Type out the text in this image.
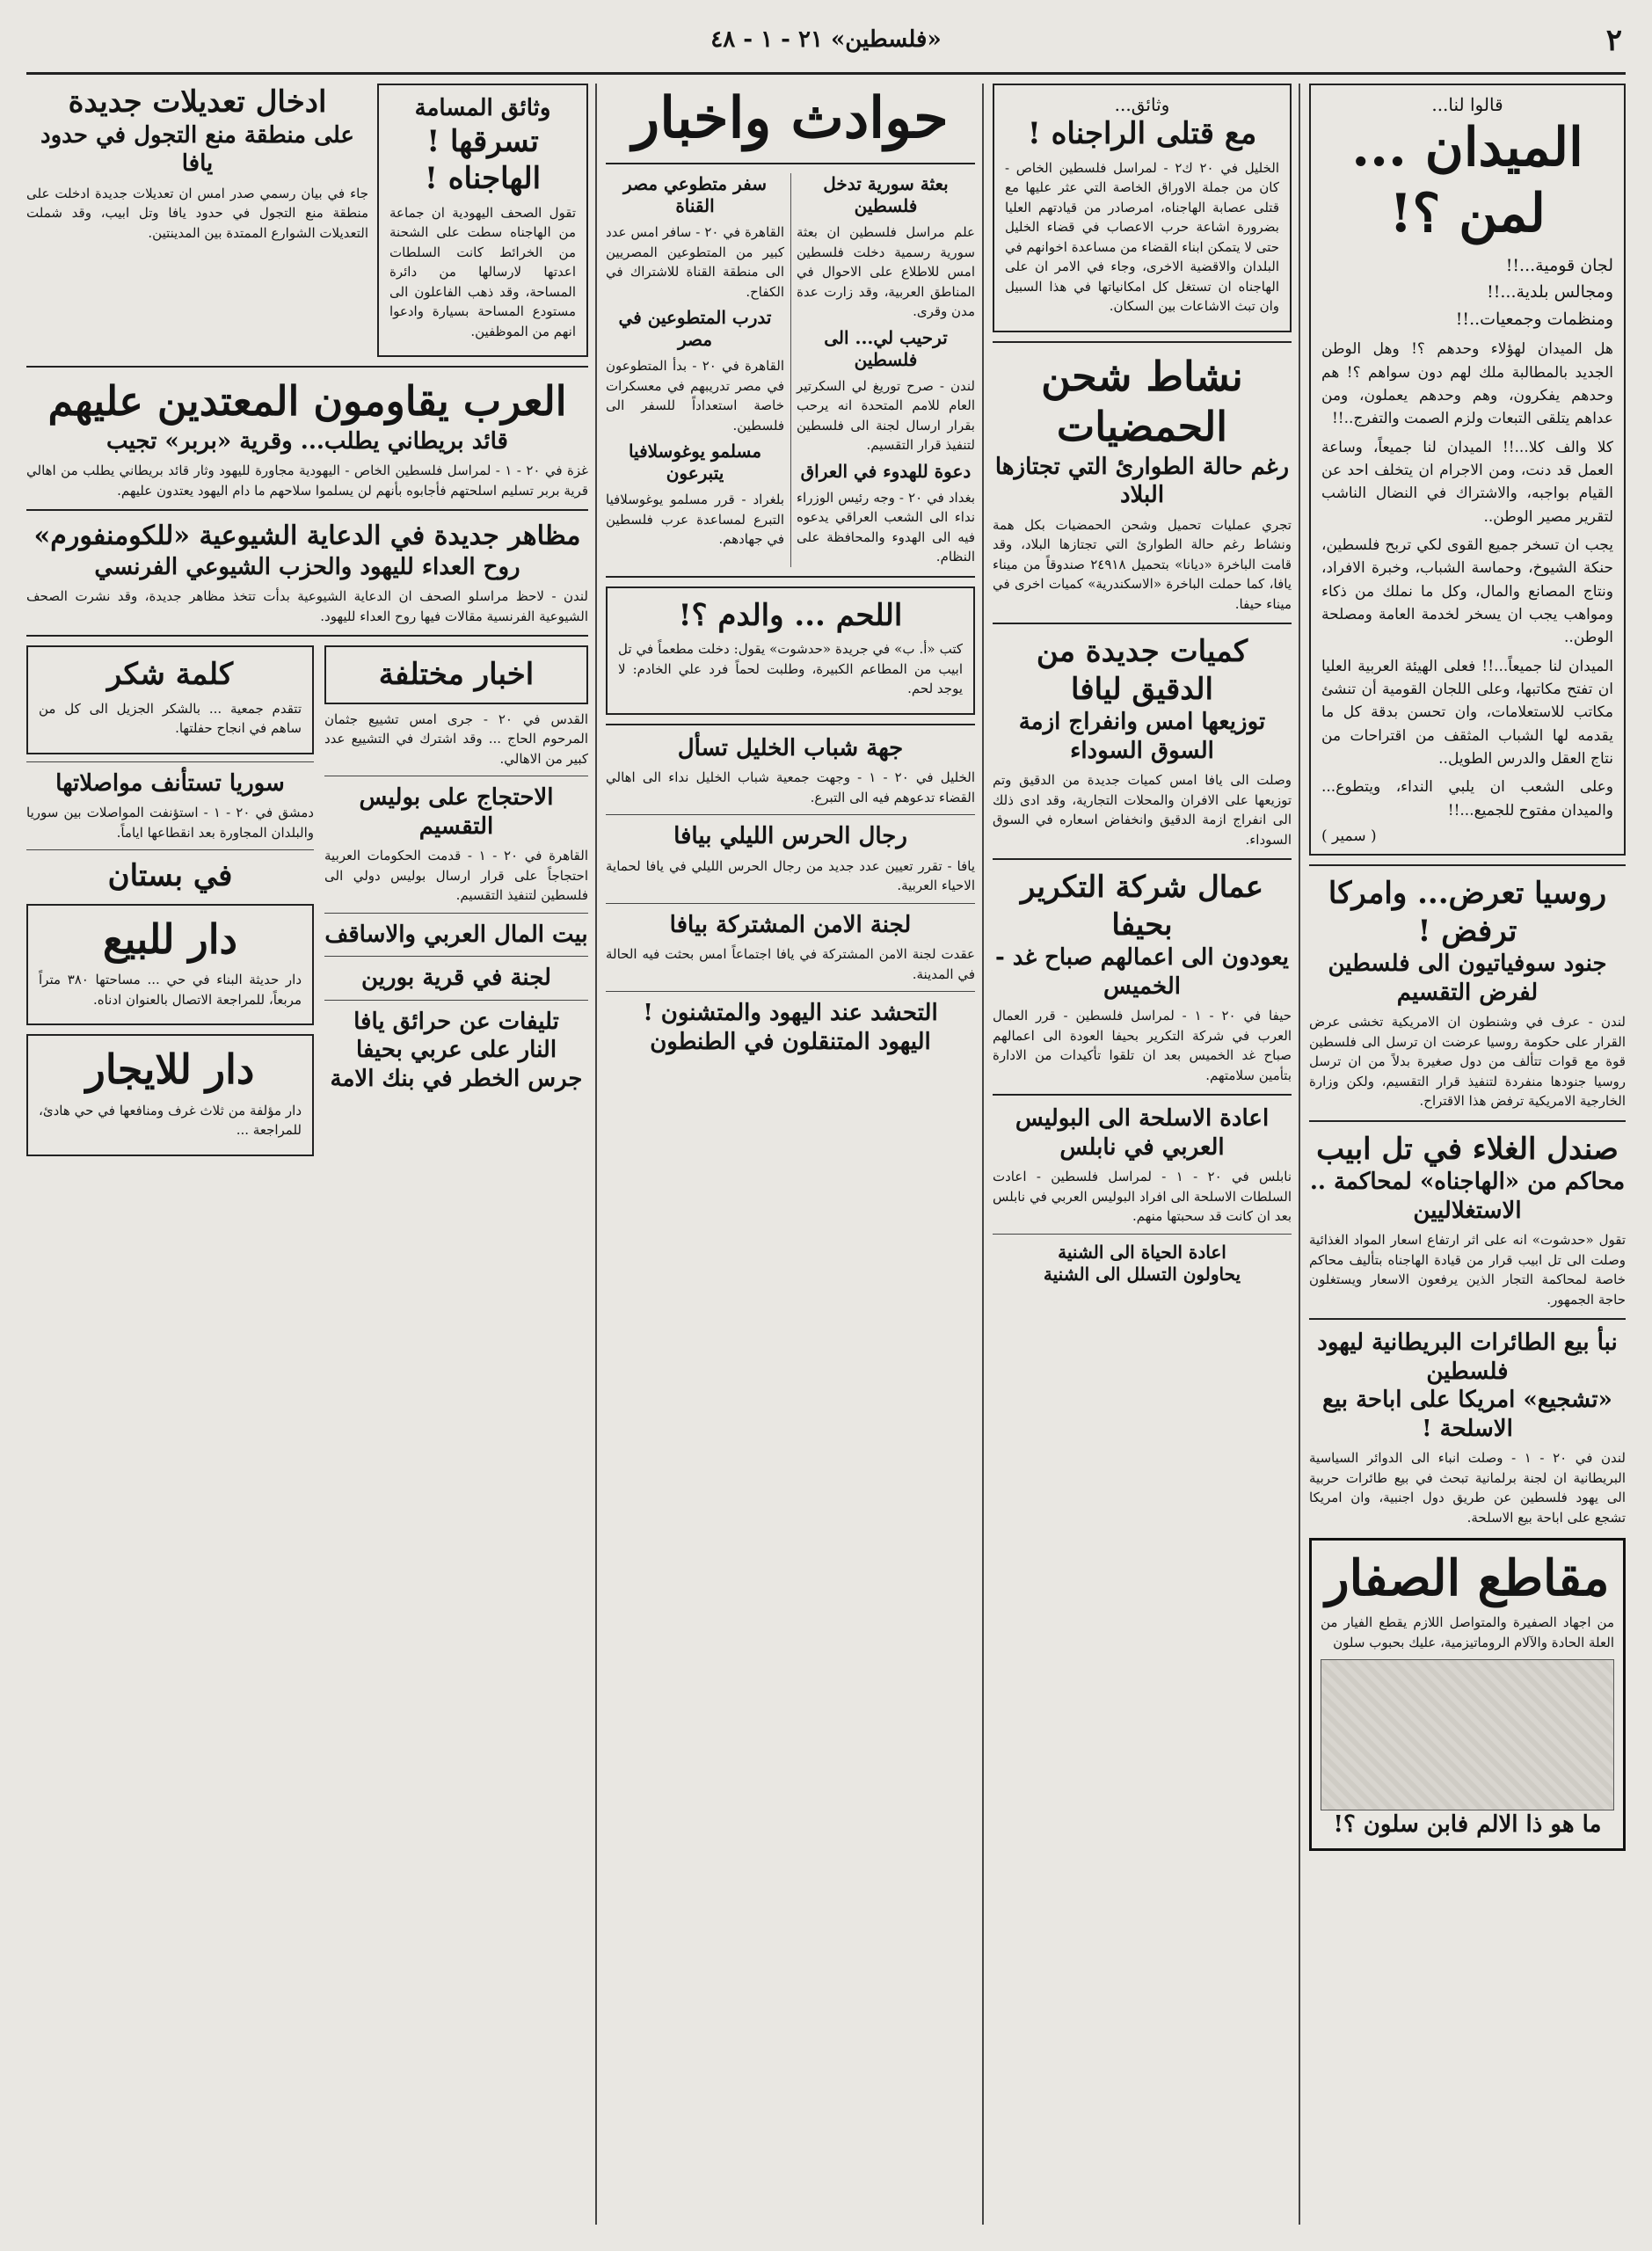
٢
«فلسطين» ٢١ - ١ - ٤٨
قالوا لنا...
الميدان ... لمن ؟!
لجان قومية...!!
ومجالس بلدية...!!
ومنظمات وجمعيات..!!

هل الميدان لهؤلاء وحدهم ؟! وهل الوطن الجديد بالمطالبة ملك لهم دون سواهم ؟! هم وحدهم يفكرون، وهم وحدهم يعملون، ومن عداهم يتلقى التبعات ولزم الصمت والتفرج..!!

كلا والف كلا...!! الميدان لنا جميعاً، وساعة العمل قد دنت، ومن الاجرام ان يتخلف احد عن القيام بواجبه، والاشتراك في النضال الناشب لتقرير مصير الوطن..

يجب ان تسخر جميع القوى لكي تربح فلسطين، حنكة الشيوخ، وحماسة الشباب، وخبرة الافراد، ونتاج المصانع والمال، وكل ما نملك من ذكاء ومواهب يجب ان يسخر لخدمة العامة ومصلحة الوطن..

الميدان لنا جميعاً...!! فعلى الهيئة العربية العليا ان تفتح مكاتبها، وعلى اللجان القومية أن تنشئ مكاتب للاستعلامات، وان تحسن بدقة كل ما يقدمه لها الشباب المثقف من اقتراحات من نتاج العقل والدرس الطويل..

وعلى الشعب ان يلبي النداء، ويتطوع... والميدان مفتوح للجميع...!!

( سمير )
روسيا تعرض... وامركا ترفض !
جنود سوفياتيون الى فلسطين لفرض التقسيم

لندن - عرف في وشنطون ان الامريكية تخشى عرض القرار على حكومة روسيا عرضت ان ترسل الى فلسطين قوة مع قوات تتألف من دول صغيرة بدلاً من ان ترسل روسيا جنودها منفردة لتنفيذ قرار التقسيم، ولكن وزارة الخارجية الامريكية ترفض هذا الاقتراح.

صندل الغلاء في تل ابيب
محاكم من «الهاجناه» لمحاكمة .. الاستغلاليين

تقول «حدشوت» انه على اثر ارتفاع اسعار المواد الغذائية وصلت الى تل ابيب قرار من قيادة الهاجناه بتأليف محاكم خاصة لمحاكمة التجار الذين يرفعون الاسعار ويستغلون حاجة الجمهور.

نبأ بيع الطائرات البريطانية ليهود فلسطين
«تشجيع» امريكا على اباحة بيع الاسلحة !

لندن في ٢٠ - ١ - وصلت انباء الى الدوائر السياسية البريطانية ان لجنة برلمانية تبحث في بيع طائرات حربية الى يهود فلسطين عن طريق دول اجنبية، وان امريكا تشجع على اباحة بيع الاسلحة.

مقاطع الصفار

من اجهاد الصفيرة والمتواصل اللازم يقطع الفيار من العلة الحادة والآلام الروماتيزمية، عليك بحبوب سلون

ما هو ذا الالم فابن سلون ؟!
وثائق...
مع قتلى الراجناه !

الخليل في ٢٠ ك٢ - لمراسل فلسطين الخاص - كان من جملة الاوراق الخاصة التي عثر عليها مع قتلى عصابة الهاجناه، امرصادر من قيادتهم العليا بضرورة اشاعة حرب الاعصاب في قضاء الخليل حتى لا يتمكن ابناء القضاء من مساعدة اخوانهم في البلدان والاقضية الاخرى، وجاء في الامر ان على الهاجناه ان تستغل كل امكانياتها في هذا السبيل وان تبث الاشاعات بين السكان.

نشاط شحن الحمضيات
رغم حالة الطوارئ التي تجتازها البلاد

تجري عمليات تحميل وشحن الحمضيات بكل همة ونشاط رغم حالة الطوارئ التي تجتازها البلاد، وقد قامت الباخرة «ديانا» بتحميل ٢٤٩١٨ صندوقاً من ميناء يافا، كما حملت الباخرة «الاسكندرية» كميات اخرى في ميناء حيفا.

كميات جديدة من الدقيق ليافا
توزيعها امس وانفراج ازمة السوق السوداء

وصلت الى يافا امس كميات جديدة من الدقيق وتم توزيعها على الافران والمحلات التجارية، وقد ادى ذلك الى انفراج ازمة الدقيق وانخفاض اسعاره في السوق السوداء.

عمال شركة التكرير بحيفا
يعودون الى اعمالهم صباح غد - الخميس

حيفا في ٢٠ - ١ - لمراسل فلسطين - قرر العمال العرب في شركة التكرير بحيفا العودة الى اعمالهم صباح غد الخميس بعد ان تلقوا تأكيدات من الادارة بتأمين سلامتهم.

اعادة الاسلحة الى البوليس العربي في نابلس

نابلس في ٢٠ - ١ - لمراسل فلسطين - اعادت السلطات الاسلحة الى افراد البوليس العربي في نابلس بعد ان كانت قد سحبتها منهم.

اعادة الحياة الى الشنية
يحاولون التسلل الى الشنية
حوادث واخبار
بعثة سورية تدخل فلسطين

علم مراسل فلسطين ان بعثة سورية رسمية دخلت فلسطين امس للاطلاع على الاحوال في المناطق العربية، وقد زارت عدة مدن وقرى.

ترحيب لي... الى فلسطين

لندن - صرح توريغ لي السكرتير العام للامم المتحدة انه يرحب بقرار ارسال لجنة الى فلسطين لتنفيذ قرار التقسيم.

دعوة للهدوء في العراق

بغداد في ٢٠ - وجه رئيس الوزراء نداء الى الشعب العراقي يدعوه فيه الى الهدوء والمحافظة على النظام.

سفر متطوعي مصر القناة

القاهرة في ٢٠ - سافر امس عدد كبير من المتطوعين المصريين الى منطقة القناة للاشتراك في الكفاح.

تدرب المتطوعين في مصر

القاهرة في ٢٠ - بدأ المتطوعون في مصر تدريبهم في معسكرات خاصة استعداداً للسفر الى فلسطين.

مسلمو يوغوسلافيا يتبرعون

بلغراد - قرر مسلمو يوغوسلافيا التبرع لمساعدة عرب فلسطين في جهادهم.

اللحم ... والدم ؟!

كتب «أ. ب» في جريدة «حدشوت» يقول: دخلت مطعماً في تل ابيب من المطاعم الكبيرة، وطلبت لحماً فرد علي الخادم: لا يوجد لحم.

جهة شباب الخليل تسأل

الخليل في ٢٠ - ١ - وجهت جمعية شباب الخليل نداء الى اهالي القضاء تدعوهم فيه الى التبرع.

رجال الحرس الليلي بيافا

يافا - تقرر تعيين عدد جديد من رجال الحرس الليلي في يافا لحماية الاحياء العربية.

لجنة الامن المشتركة بيافا

عقدت لجنة الامن المشتركة في يافا اجتماعاً امس بحثت فيه الحالة في المدينة.

التحشد عند اليهود والمتشنون !
اليهود المتنقلون في الطنطون
وثائق المسامة
تسرقها ! الهاجناه !

تقول الصحف اليهودية ان جماعة من الهاجناه سطت على الشحنة من الخرائط كانت السلطات اعدتها لارسالها من دائرة المساحة، وقد ذهب الفاعلون الى مستودع المساحة بسيارة وادعوا انهم من الموظفين.

ادخال تعديلات جديدة
على منطقة منع التجول في حدود يافا

جاء في بيان رسمي صدر امس ان تعديلات جديدة ادخلت على منطقة منع التجول في حدود يافا وتل ابيب، وقد شملت التعديلات الشوارع الممتدة بين المدينتين.

العرب يقاومون المعتدين عليهم
قائد بريطاني يطلب... وقرية «بربر» تجيب

غزة في ٢٠ - ١ - لمراسل فلسطين الخاص - اليهودية مجاورة لليهود وثار قائد بريطاني يطلب من اهالي قرية بربر تسليم اسلحتهم فأجابوه بأنهم لن يسلموا سلاحهم ما دام اليهود يعتدون عليهم.

مظاهر جديدة في الدعاية الشيوعية «للكومنفورم»
روح العداء لليهود والحزب الشيوعي الفرنسي

لندن - لاحظ مراسلو الصحف ان الدعاية الشيوعية بدأت تتخذ مظاهر جديدة، وقد نشرت الصحف الشيوعية الفرنسية مقالات فيها روح العداء لليهود.

اخبار مختلفة

القدس في ٢٠ - جرى امس تشييع جثمان المرحوم الحاج ... وقد اشترك في التشييع عدد كبير من الاهالي.

الاحتجاج على بوليس التقسيم

القاهرة في ٢٠ - ١ - قدمت الحكومات العربية احتجاجاً على قرار ارسال بوليس دولي الى فلسطين لتنفيذ التقسيم.

بيت المال العربي والاساقف
لجنة في قرية بورين
تليفات عن حرائق يافا
النار على عربي بحيفا
جرس الخطر في بنك الامة
كلمة شكر

تتقدم جمعية ... بالشكر الجزيل الى كل من ساهم في انجاح حفلتها.

سوريا تستأنف مواصلاتها

دمشق في ٢٠ - ١ - استؤنفت المواصلات بين سوريا والبلدان المجاورة بعد انقطاعها اياماً.

في بستان
دار للبيع

دار حديثة البناء في حي ... مساحتها ٣٨٠ متراً مربعاً، للمراجعة الاتصال بالعنوان ادناه.

دار للايجار

دار مؤلفة من ثلاث غرف ومنافعها في حي هادئ، للمراجعة ...
